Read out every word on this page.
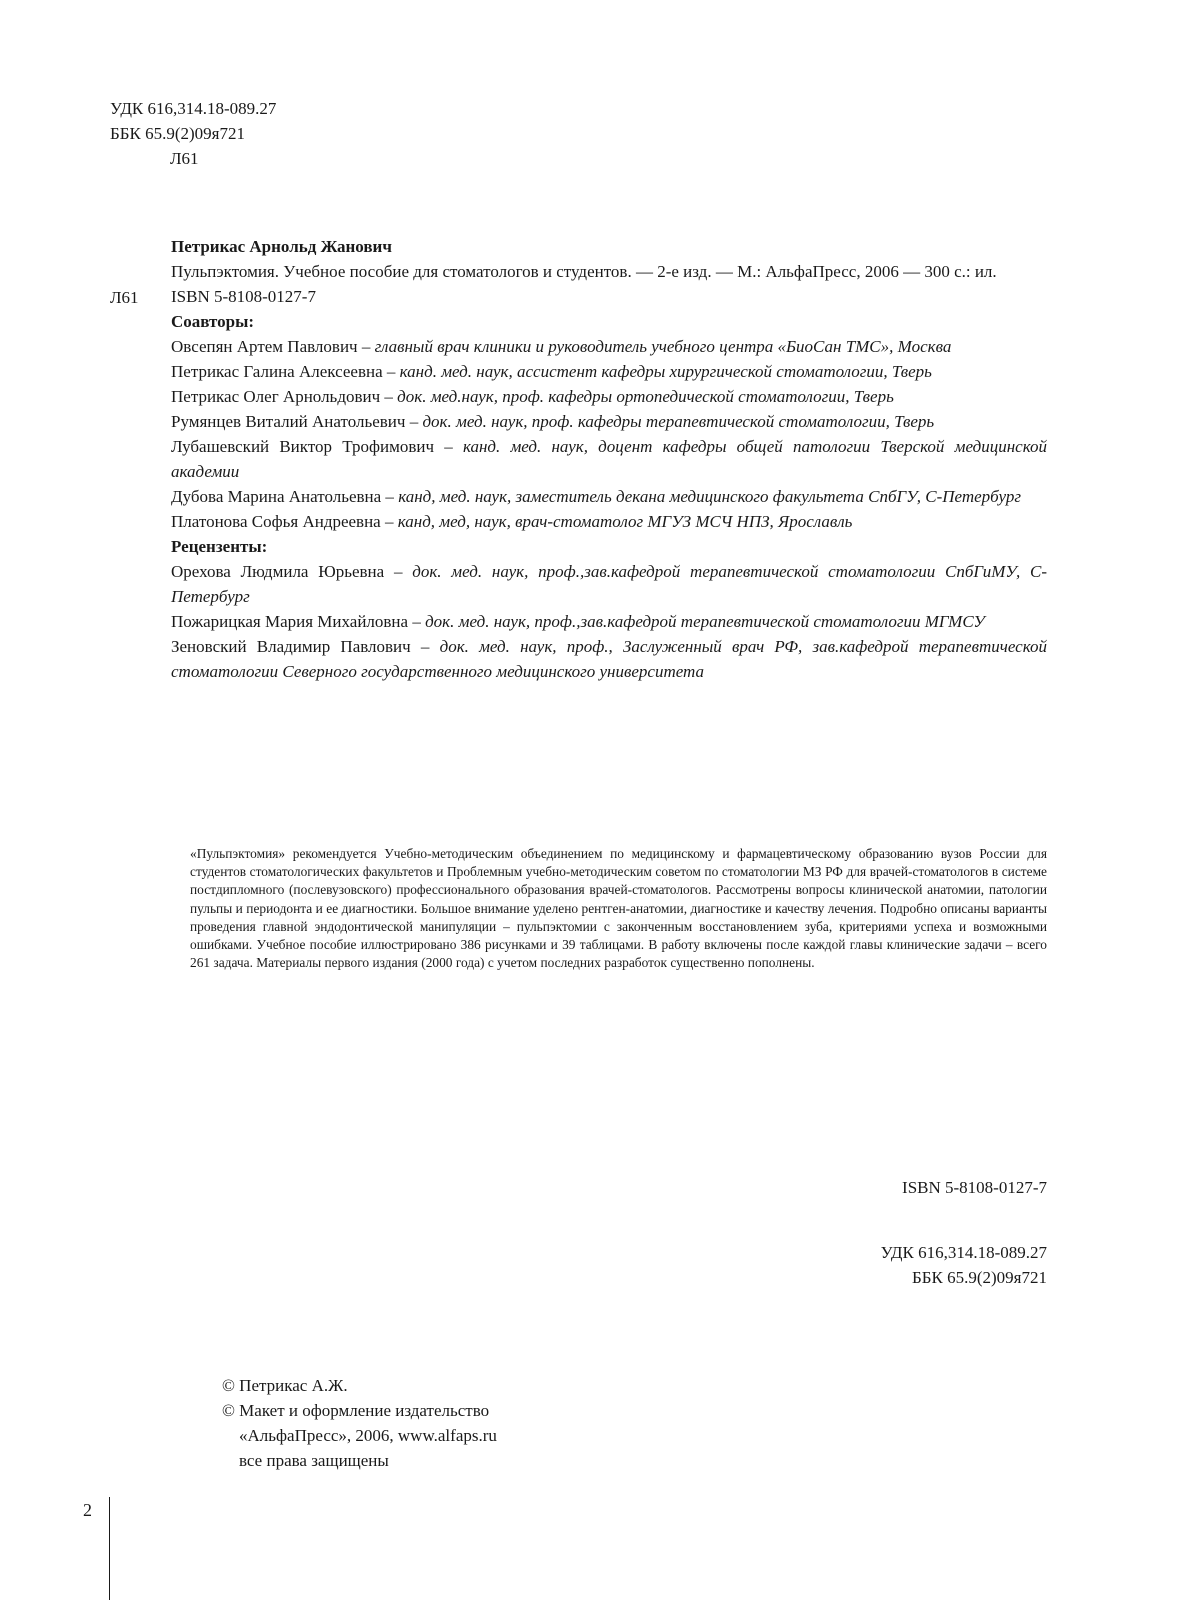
УДК 616,314.18-089.27
ББК 65.9(2)09я721
Л61
Л61
Петрикас Арнольд Жанович
Пульпэктомия. Учебное пособие для стоматологов и студентов. — 2-е изд. — М.: АльфаПресс, 2006 — 300 с.: ил.
ISBN 5-8108-0127-7
Соавторы:
Овсепян Артем Павлович – главный врач клиники и руководитель учебного центра «БиоСан ТМС», Москва
Петрикас Галина Алексеевна – канд. мед. наук, ассистент кафедры хирургической стоматологии, Тверь
Петрикас Олег Арнольдович – док. мед.наук, проф. кафедры ортопедической стоматологии, Тверь
Румянцев Виталий Анатольевич – док. мед. наук, проф. кафедры терапевтической стоматологии, Тверь
Лубашевский Виктор Трофимович – канд. мед. наук, доцент кафедры общей патологии Тверской медицинской академии
Дубова Марина Анатольевна – канд, мед. наук, заместитель декана медицинского факультета СпбГУ, С-Петербург
Платонова Софья Андреевна – канд, мед, наук, врач-стоматолог МГУЗ МСЧ НПЗ, Ярославль
Рецензенты:
Орехова Людмила Юрьевна – док. мед. наук, проф.,зав.кафедрой терапевтической стоматологии СпбГиМУ, С-Петербург
Пожарицкая Мария Михайловна – док. мед. наук, проф.,зав.кафедрой терапевтической стоматологии МГМСУ
Зеновский Владимир Павлович – док. мед. наук, проф., Заслуженный врач РФ, зав.кафедрой терапевтической стоматологии Северного государственного медицинского университета
«Пульпэктомия» рекомендуется Учебно-методическим объединением по медицинскому и фармацевтическому образованию вузов России для студентов стоматологических факультетов и Проблемным учебно-методическим советом по стоматологии МЗ РФ для врачей-стоматологов в системе постдипломного (послевузовского) профессионального образования врачей-стоматологов. Рассмотрены вопросы клинической анатомии, патологии пульпы и периодонта и ее диагностики. Большое внимание уделено рентген-анатомии, диагностике и качеству лечения. Подробно описаны варианты проведения главной эндодонтической манипуляции – пульпэктомии с законченным восстановлением зуба, критериями успеха и возможными ошибками. Учебное пособие иллюстрировано 386 рисунками и 39 таблицами. В работу включены после каждой главы клинические задачи – всего 261 задача. Материалы первого издания (2000 года) с учетом последних разработок существенно пополнены.
ISBN 5-8108-0127-7
УДК 616,314.18-089.27
ББК 65.9(2)09я721
© Петрикас А.Ж.
© Макет и оформление издательство
«АльфаПресс», 2006, www.alfaps.ru
все права защищены
2
